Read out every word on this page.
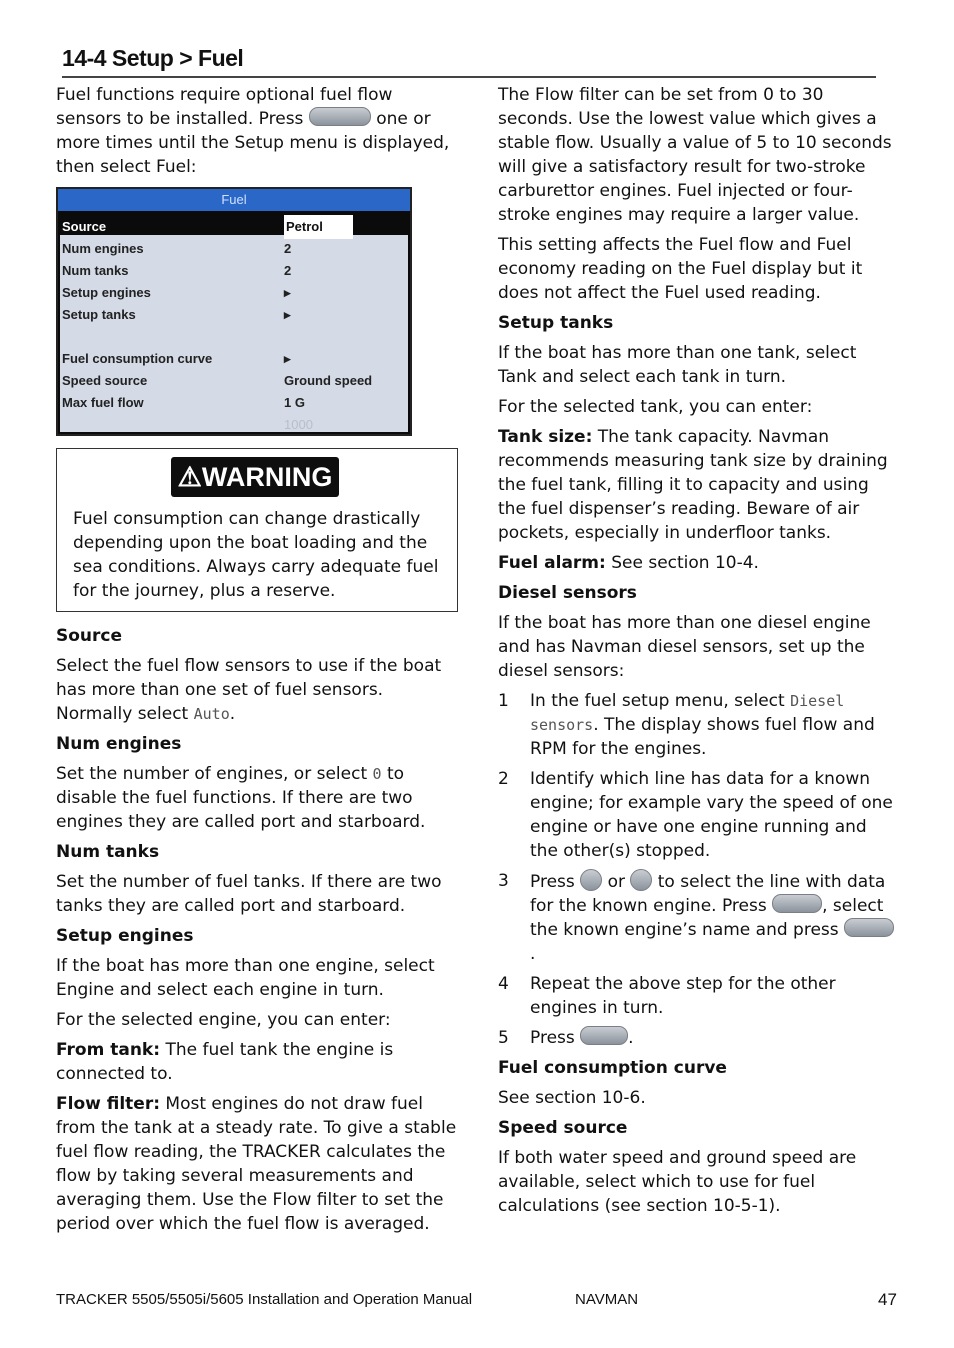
14-4 Setup > Fuel

Fuel functions require optional fuel flow sensors to be installed. Press	one or more times until the Setup menu is displayed, then select Fuel:

Fuel
Source	Petrol
Num engines	2
Num tanks	2
Setup engines	▸
Setup tanks	▸
Fuel consumption curve	▸
Speed source	Ground speed
Max fuel flow	1 G
1000
⚠WARNING

Fuel consumption can change drastically depending upon the boat loading and the sea conditions. Always carry adequate fuel for the journey, plus a reserve.

Source

Select the fuel flow sensors to use if the boat has more than one set of fuel sensors. Normally select Auto.

Num engines

Set the number of engines, or select 0 to disable the fuel functions. If there are two engines they are called port and starboard.

Num tanks

Set the number of fuel tanks. If there are two tanks they are called port and starboard.

Setup engines

If the boat has more than one engine, select Engine and select each engine in turn.

For the selected engine, you can enter:

From tank: The fuel tank the engine is connected to.

Flow filter: Most engines do not draw fuel from the tank at a steady rate. To give a stable fuel flow reading, the TRACKER calculates the flow by taking several measurements and averaging them. Use the Flow filter to set the period over which the fuel flow is averaged.

The Flow filter can be set from 0 to 30 seconds. Use the lowest value which gives a stable flow. Usually a value of 5 to 10 seconds will give a satisfactory result for two-stroke carburettor engines. Fuel injected or four-stroke engines may require a larger value.

This setting affects the Fuel flow and Fuel economy reading on the Fuel display but it does not affect the Fuel used reading.

Setup tanks

If the boat has more than one tank, select Tank and select each tank in turn.

For the selected tank, you can enter:

Tank size: The tank capacity. Navman recommends measuring tank size by draining the fuel tank, filling it to capacity and using the fuel dispenser’s reading. Beware of air pockets, especially in underfloor tanks.

Fuel alarm: See section 10-4.

Diesel sensors

If the boat has more than one diesel engine and has Navman diesel sensors, set up the diesel sensors:

1 In the fuel setup menu, select Diesel sensors. The display shows fuel flow and RPM for the engines.
2 Identify which line has data for a known engine; for example vary the speed of one engine or have one engine running and the other(s) stopped.
3 Press or to select the line with data for the known engine. Press	, select the known engine’s name and press .
4 Repeat the above step for the other engines in turn.
5 Press	.
Fuel consumption curve

See section 10-6.

Speed source

If both water speed and ground speed are available, select which to use for fuel calculations (see section 10-5-1).

TRACKER 5505/5505i/5605 Installation and Operation Manual	NAVMAN	47
